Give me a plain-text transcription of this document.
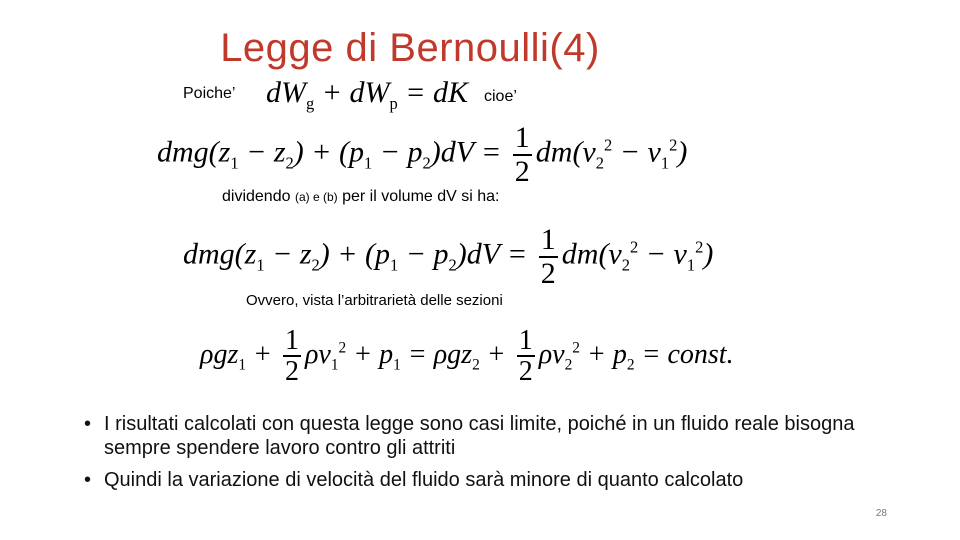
Legge di Bernoulli(4)
Poiche’ $dW_g + dW_p$ = dK cioe’
$dmg(z_1 - z_2) + (p_1 - p_2)dV = \frac{1}{2} dm(v_2^2 - v_1^2)$
dividendo (a) e (b) per il volume dV si ha:
$dmg(z_1 - z_2) + (p_1 - p_2)dV = \frac{1}{2} dm(v_2^2 - v_1^2)$
Ovvero, vista l’arbitrarietà delle sezioni
$\rho gz_1 + \frac{1}{2} \rho v_1^2 + p_1 = \rho gz_2 + \frac{1}{2} \rho v_2^2 + p_2$ = const.
• I risultati calcolati con questa legge sono casi limite, poiché in un fluido reale bisogna sempre spendere lavoro contro gli attriti
• Quindi la variazione di velocità del fluido sarà minore di quanto calcolato
28
